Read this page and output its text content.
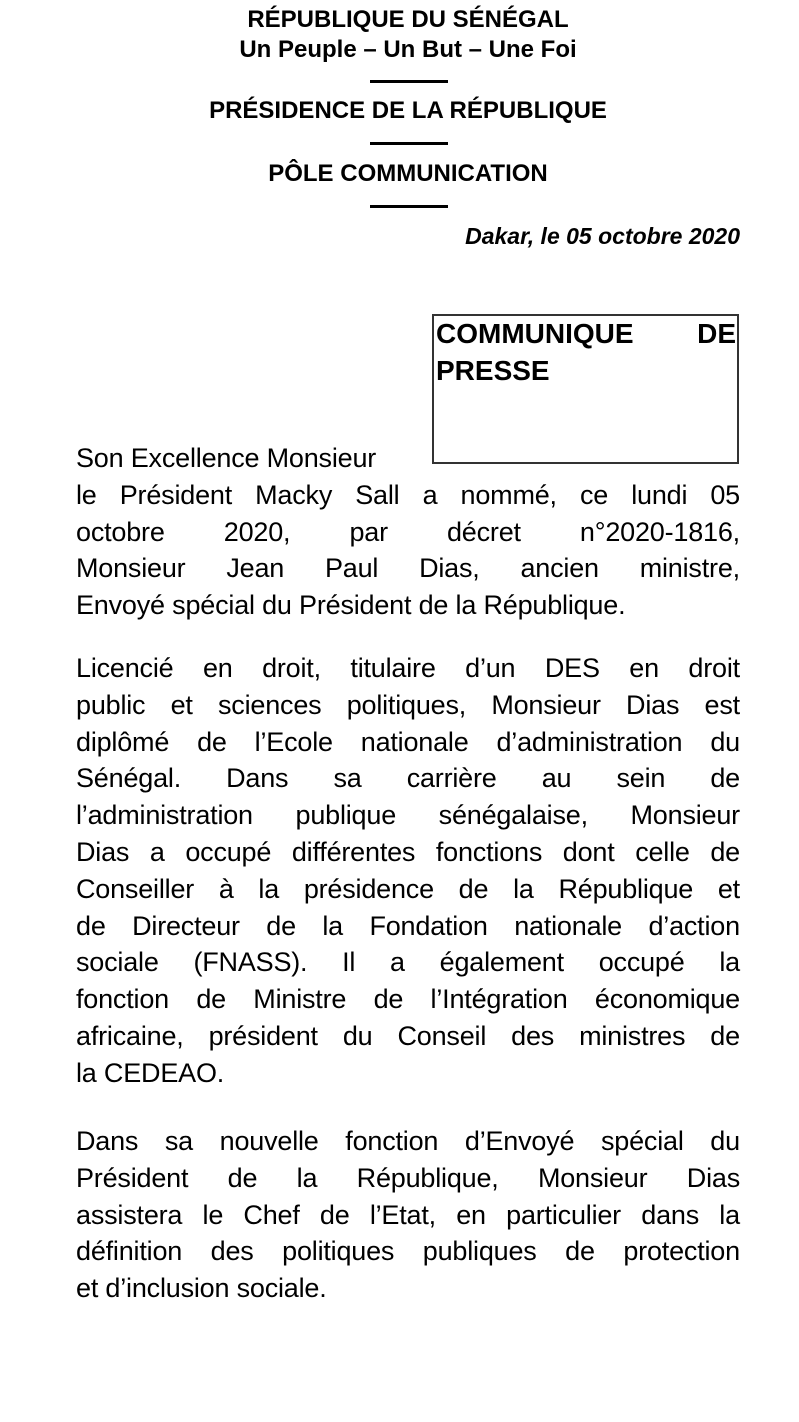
RÉPUBLIQUE DU SÉNÉGAL
Un Peuple – Un But – Une Foi
PRÉSIDENCE DE LA RÉPUBLIQUE
PÔLE COMMUNICATION
Dakar, le 05 octobre 2020
COMMUNIQUE DE
PRESSE
Son Excellence Monsieur
le Président Macky Sall a nommé, ce lundi 05
octobre 2020, par décret n°2020-1816,
Monsieur Jean Paul Dias, ancien ministre,
Envoyé spécial du Président de la République.
Licencié en droit, titulaire d’un DES en droit
public et sciences politiques, Monsieur Dias est
diplômé de l’Ecole nationale d’administration du
Sénégal. Dans sa carrière au sein de
l’administration publique sénégalaise, Monsieur
Dias a occupé différentes fonctions dont celle de
Conseiller à la présidence de la République et
de Directeur de la Fondation nationale d’action
sociale (FNASS). Il a également occupé la
fonction de Ministre de l’Intégration économique
africaine, président du Conseil des ministres de
la CEDEAO.
Dans sa nouvelle fonction d’Envoyé spécial du
Président de la République, Monsieur Dias
assistera le Chef de l’Etat, en particulier dans la
définition des politiques publiques de protection
et d’inclusion sociale.
